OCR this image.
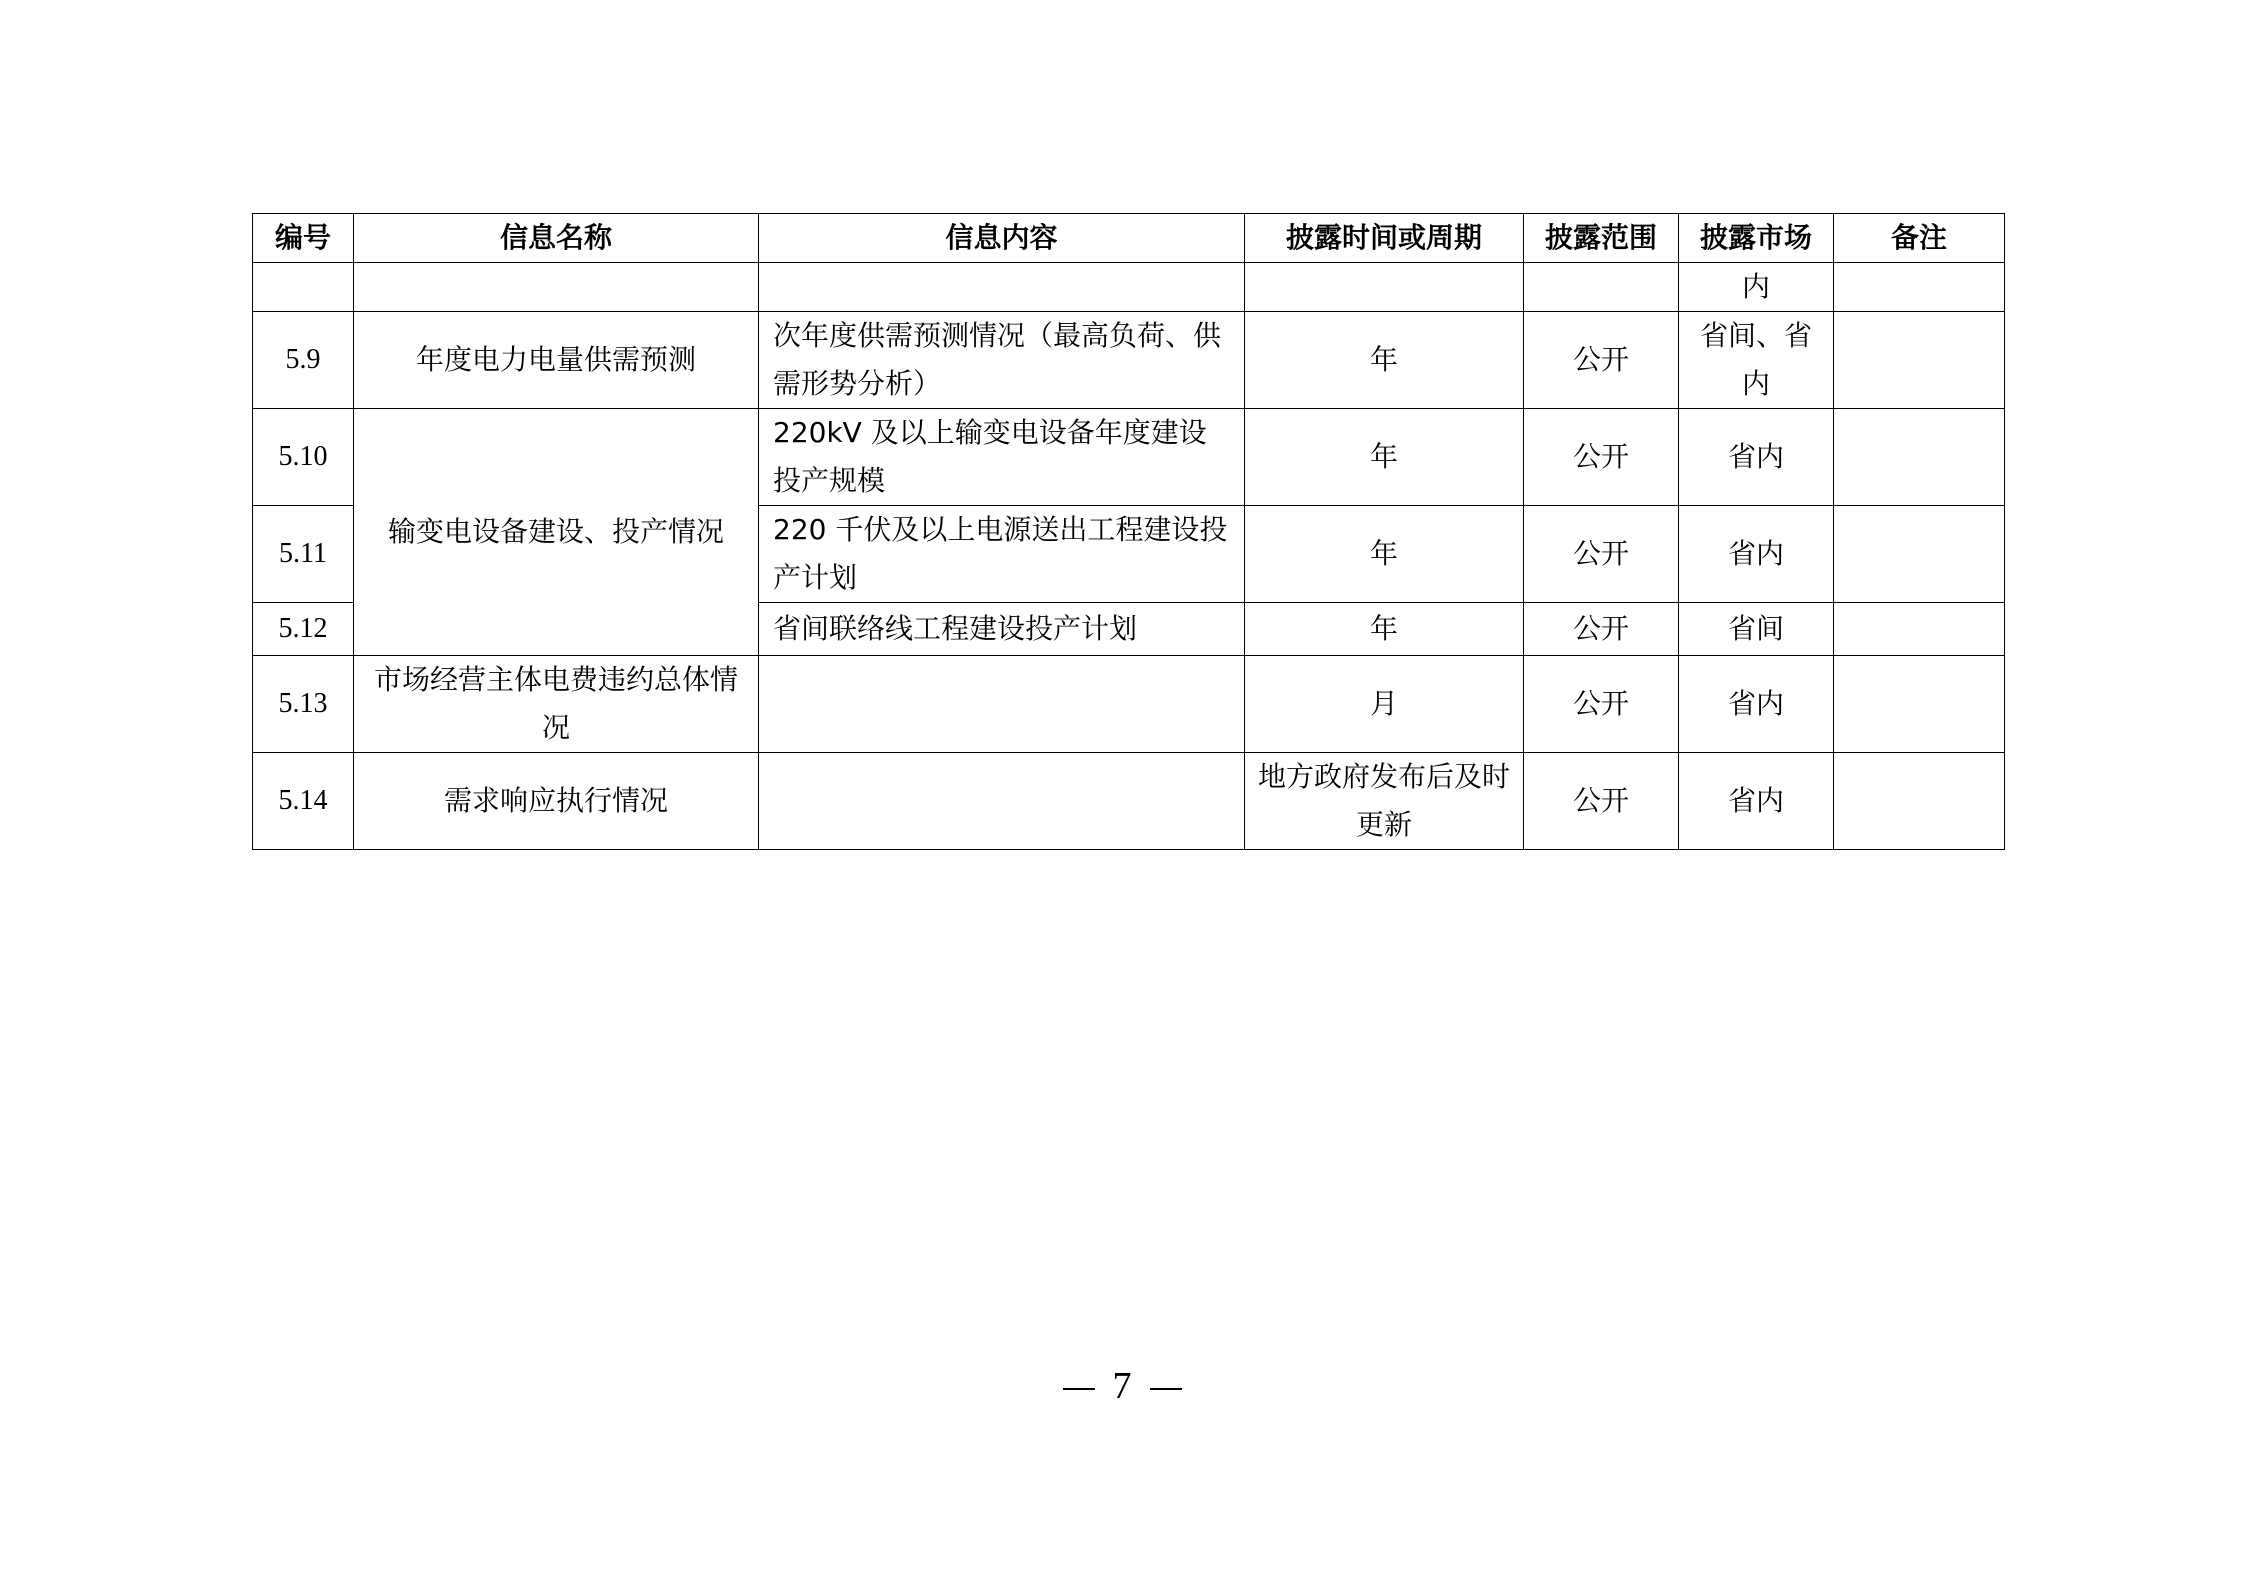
编号	信息名称	信息内容	披露时间或周期	披露范围	披露市场	备注
					内	
5.9	年度电力电量供需预测	次年度供需预测情况（最高负荷、供需形势分析）	年	公开	省间、省内	
5.10	输变电设备建设、投产情况	220kV 及以上输变电设备年度建设投产规模	年	公开	省内	
5.11		220 千伏及以上电源送出工程建设投产计划	年	公开	省内	
5.12		省间联络线工程建设投产计划	年	公开	省间	
5.13	市场经营主体电费违约总体情况		月	公开	省内	
5.14	需求响应执行情况		地方政府发布后及时更新	公开	省内	
7
